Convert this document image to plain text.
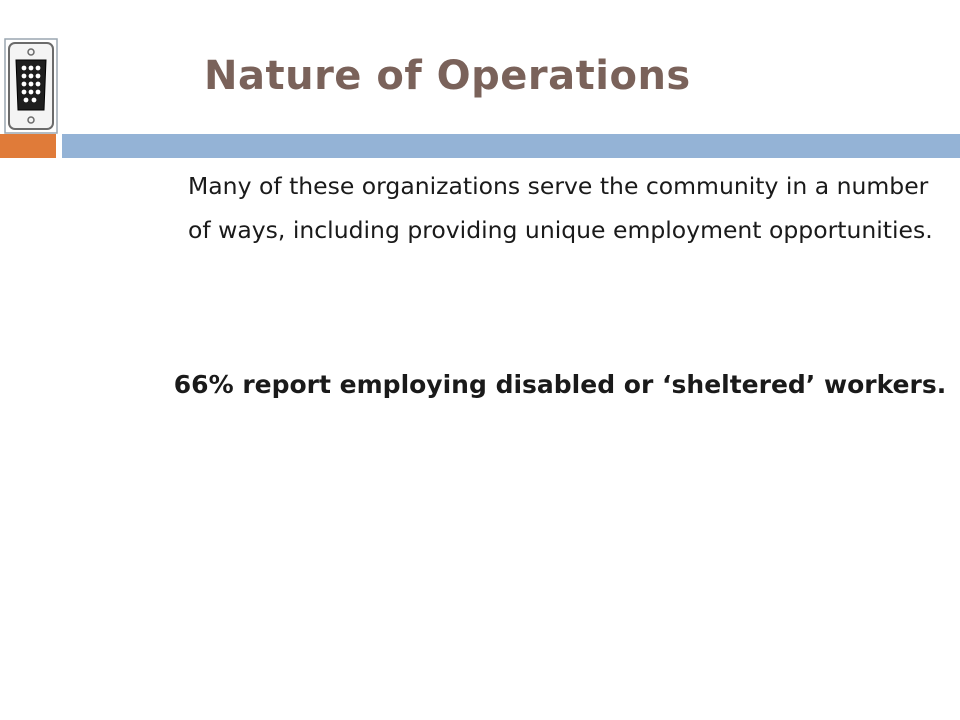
Nature of Operations
Many of these organizations serve the community in a number of ways, including providing unique employment opportunities.
66% report employing disabled or ‘sheltered’ workers.
